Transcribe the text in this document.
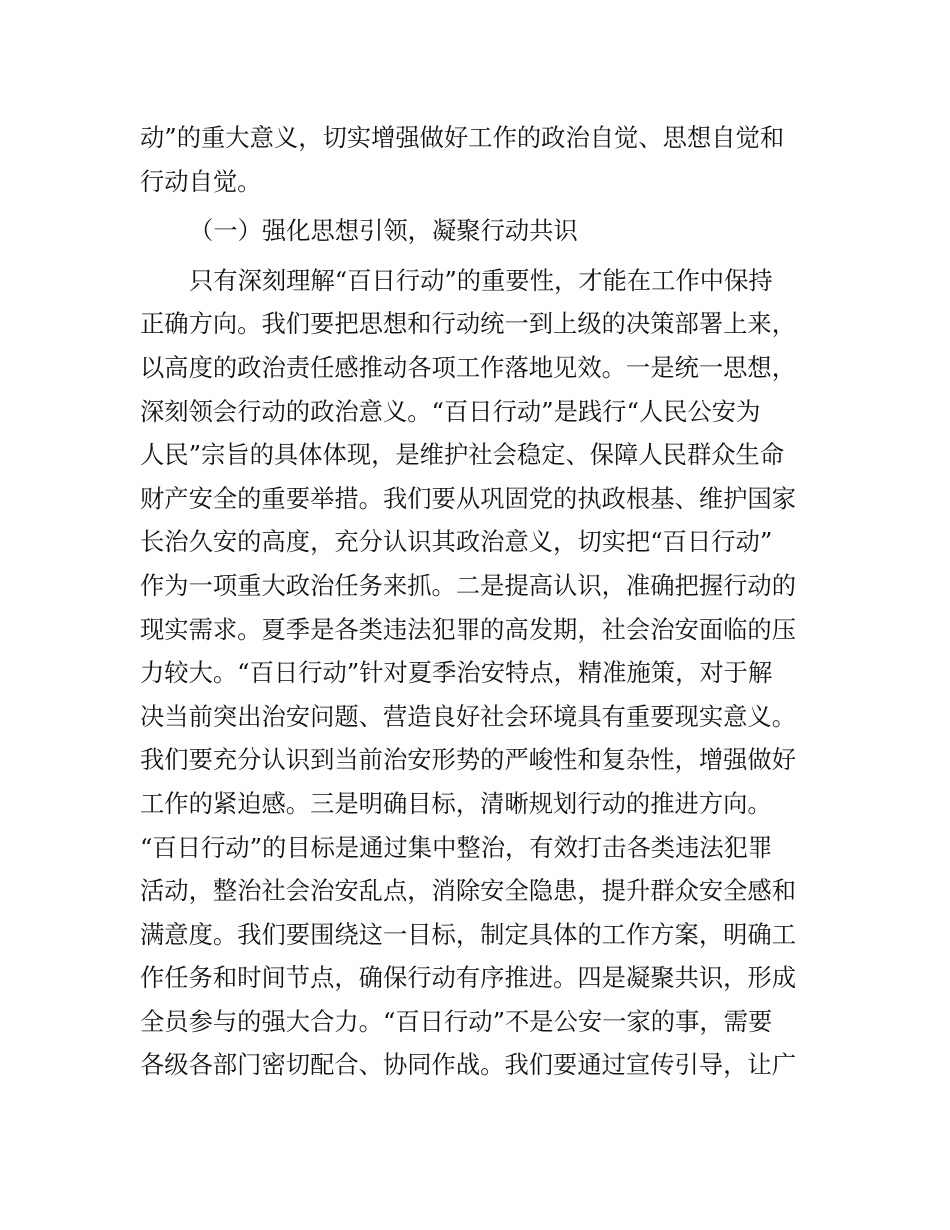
动”的重大意义，切实增强做好工作的政治自觉、思想自觉和
行动自觉。
（一）强化思想引领，凝聚行动共识
只有深刻理解“百日行动”的重要性，才能在工作中保持
正确方向。我们要把思想和行动统一到上级的决策部署上来，
以高度的政治责任感推动各项工作落地见效。一是统一思想，
深刻领会行动的政治意义。“百日行动”是践行“人民公安为
人民”宗旨的具体体现，是维护社会稳定、保障人民群众生命
财产安全的重要举措。我们要从巩固党的执政根基、维护国家
长治久安的高度，充分认识其政治意义，切实把“百日行动”
作为一项重大政治任务来抓。二是提高认识，准确把握行动的
现实需求。夏季是各类违法犯罪的高发期，社会治安面临的压
力较大。“百日行动”针对夏季治安特点，精准施策，对于解
决当前突出治安问题、营造良好社会环境具有重要现实意义。
我们要充分认识到当前治安形势的严峻性和复杂性，增强做好
工作的紧迫感。三是明确目标，清晰规划行动的推进方向。
“百日行动”的目标是通过集中整治，有效打击各类违法犯罪
活动，整治社会治安乱点，消除安全隐患，提升群众安全感和
满意度。我们要围绕这一目标，制定具体的工作方案，明确工
作任务和时间节点，确保行动有序推进。四是凝聚共识，形成
全员参与的强大合力。“百日行动”不是公安一家的事，需要
各级各部门密切配合、协同作战。我们要通过宣传引导，让广
